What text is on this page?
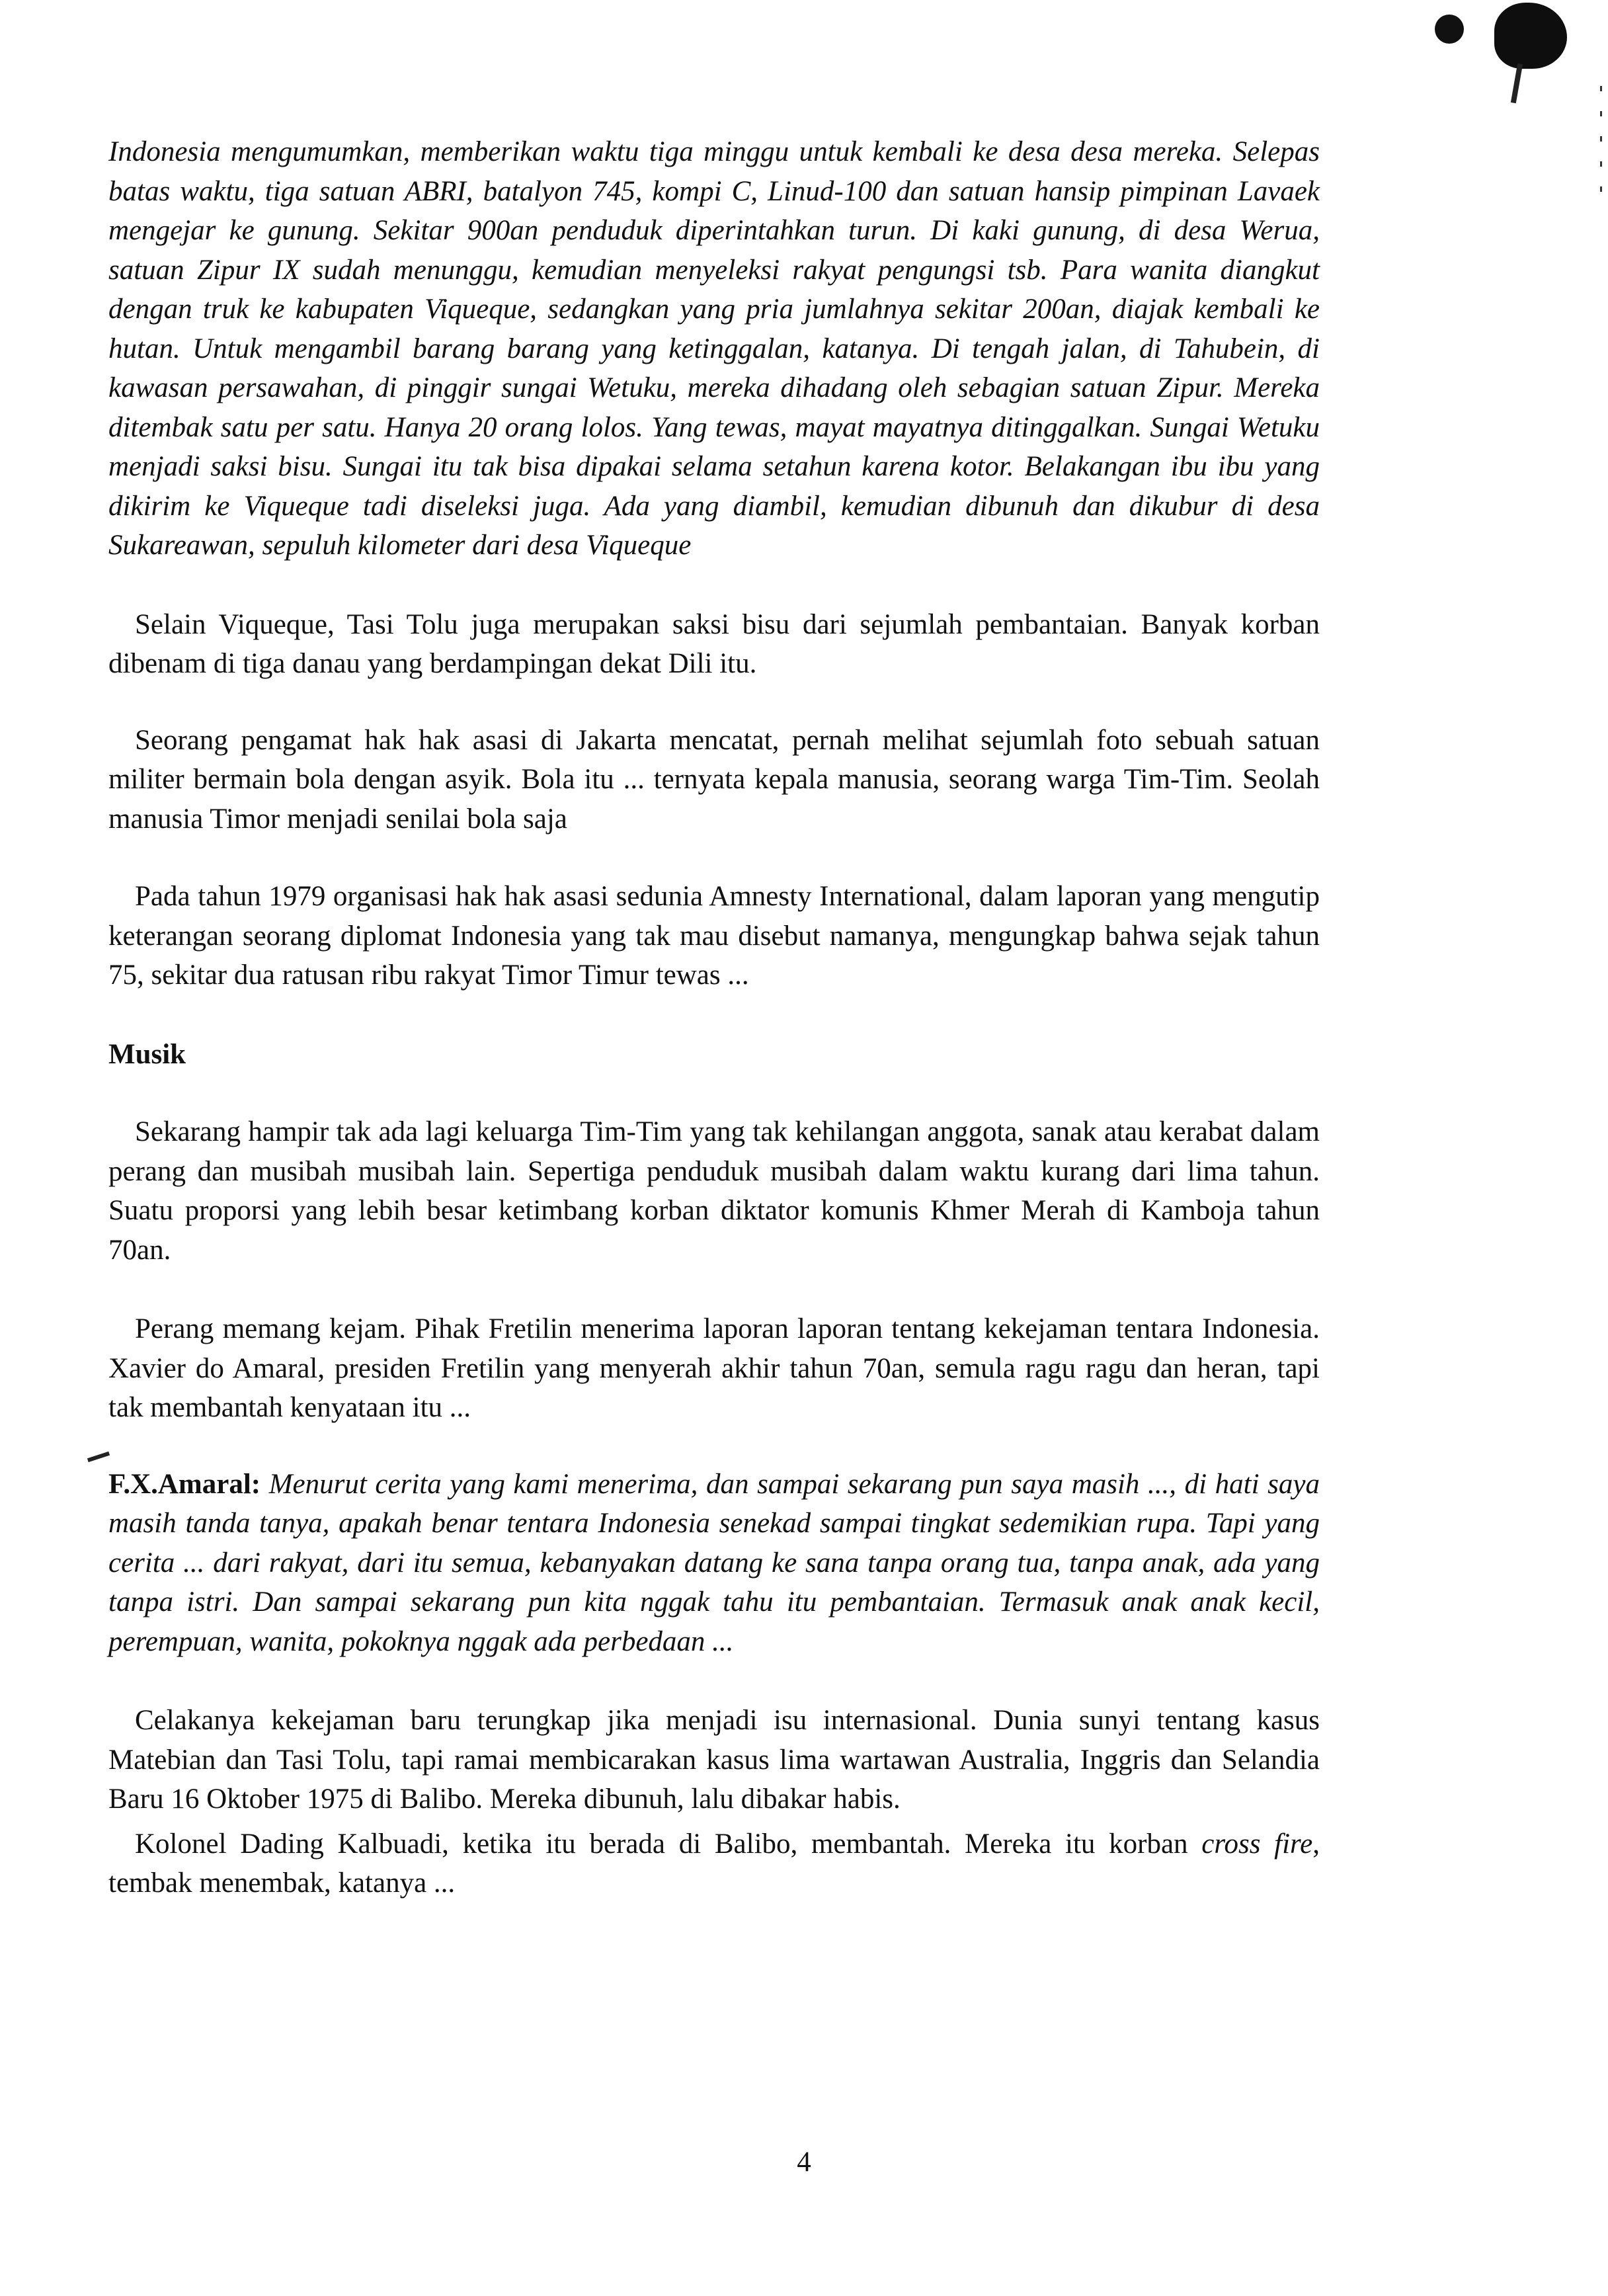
Indonesia mengumumkan, memberikan waktu tiga minggu untuk kembali ke desa desa mereka. Selepas batas waktu, tiga satuan ABRI, batalyon 745, kompi C, Linud-100 dan satuan hansip pimpinan Lavaek mengejar ke gunung. Sekitar 900an penduduk diperintahkan turun. Di kaki gunung, di desa Werua, satuan Zipur IX sudah menunggu, kemudian menyeleksi rakyat pengungsi tsb. Para wanita diangkut dengan truk ke kabupaten Viqueque, sedangkan yang pria jumlahnya sekitar 200an, diajak kembali ke hutan. Untuk mengambil barang barang yang ketinggalan, katanya. Di tengah jalan, di Tahubein, di kawasan persawahan, di pinggir sungai Wetuku, mereka dihadang oleh sebagian satuan Zipur. Mereka ditembak satu per satu. Hanya 20 orang lolos. Yang tewas, mayat mayatnya ditinggalkan. Sungai Wetuku menjadi saksi bisu. Sungai itu tak bisa dipakai selama setahun karena kotor. Belakangan ibu ibu yang dikirim ke Viqueque tadi diseleksi juga. Ada yang diambil, kemudian dibunuh dan dikubur di desa Sukareawan, sepuluh kilometer dari desa Viqueque

Selain Viqueque, Tasi Tolu juga merupakan saksi bisu dari sejumlah pembantaian. Banyak korban dibenam di tiga danau yang berdampingan dekat Dili itu.

Seorang pengamat hak hak asasi di Jakarta mencatat, pernah melihat sejumlah foto sebuah satuan militer bermain bola dengan asyik. Bola itu ... ternyata kepala manusia, seorang warga Tim-Tim. Seolah manusia Timor menjadi senilai bola saja

Pada tahun 1979 organisasi hak hak asasi sedunia Amnesty International, dalam laporan yang mengutip keterangan seorang diplomat Indonesia yang tak mau disebut namanya, mengungkap bahwa sejak tahun 75, sekitar dua ratusan ribu rakyat Timor Timur tewas ...

Musik

Sekarang hampir tak ada lagi keluarga Tim-Tim yang tak kehilangan anggota, sanak atau kerabat dalam perang dan musibah musibah lain. Sepertiga penduduk musibah dalam waktu kurang dari lima tahun. Suatu proporsi yang lebih besar ketimbang korban diktator komunis Khmer Merah di Kamboja tahun 70an.

Perang memang kejam. Pihak Fretilin menerima laporan laporan tentang kekejaman tentara Indonesia. Xavier do Amaral, presiden Fretilin yang menyerah akhir tahun 70an, semula ragu ragu dan heran, tapi tak membantah kenyataan itu ...

F.X.Amaral: Menurut cerita yang kami menerima, dan sampai sekarang pun saya masih ..., di hati saya masih tanda tanya, apakah benar tentara Indonesia senekad sampai tingkat sedemikian rupa. Tapi yang cerita ... dari rakyat, dari itu semua, kebanyakan datang ke sana tanpa orang tua, tanpa anak, ada yang tanpa istri. Dan sampai sekarang pun kita nggak tahu itu pembantaian. Termasuk anak anak kecil, perempuan, wanita, pokoknya nggak ada perbedaan ...

Celakanya kekejaman baru terungkap jika menjadi isu internasional. Dunia sunyi tentang kasus Matebian dan Tasi Tolu, tapi ramai membicarakan kasus lima wartawan Australia, Inggris dan Selandia Baru 16 Oktober 1975 di Balibo. Mereka dibunuh, lalu dibakar habis.

Kolonel Dading Kalbuadi, ketika itu berada di Balibo, membantah. Mereka itu korban cross fire, tembak menembak, katanya ...

4
